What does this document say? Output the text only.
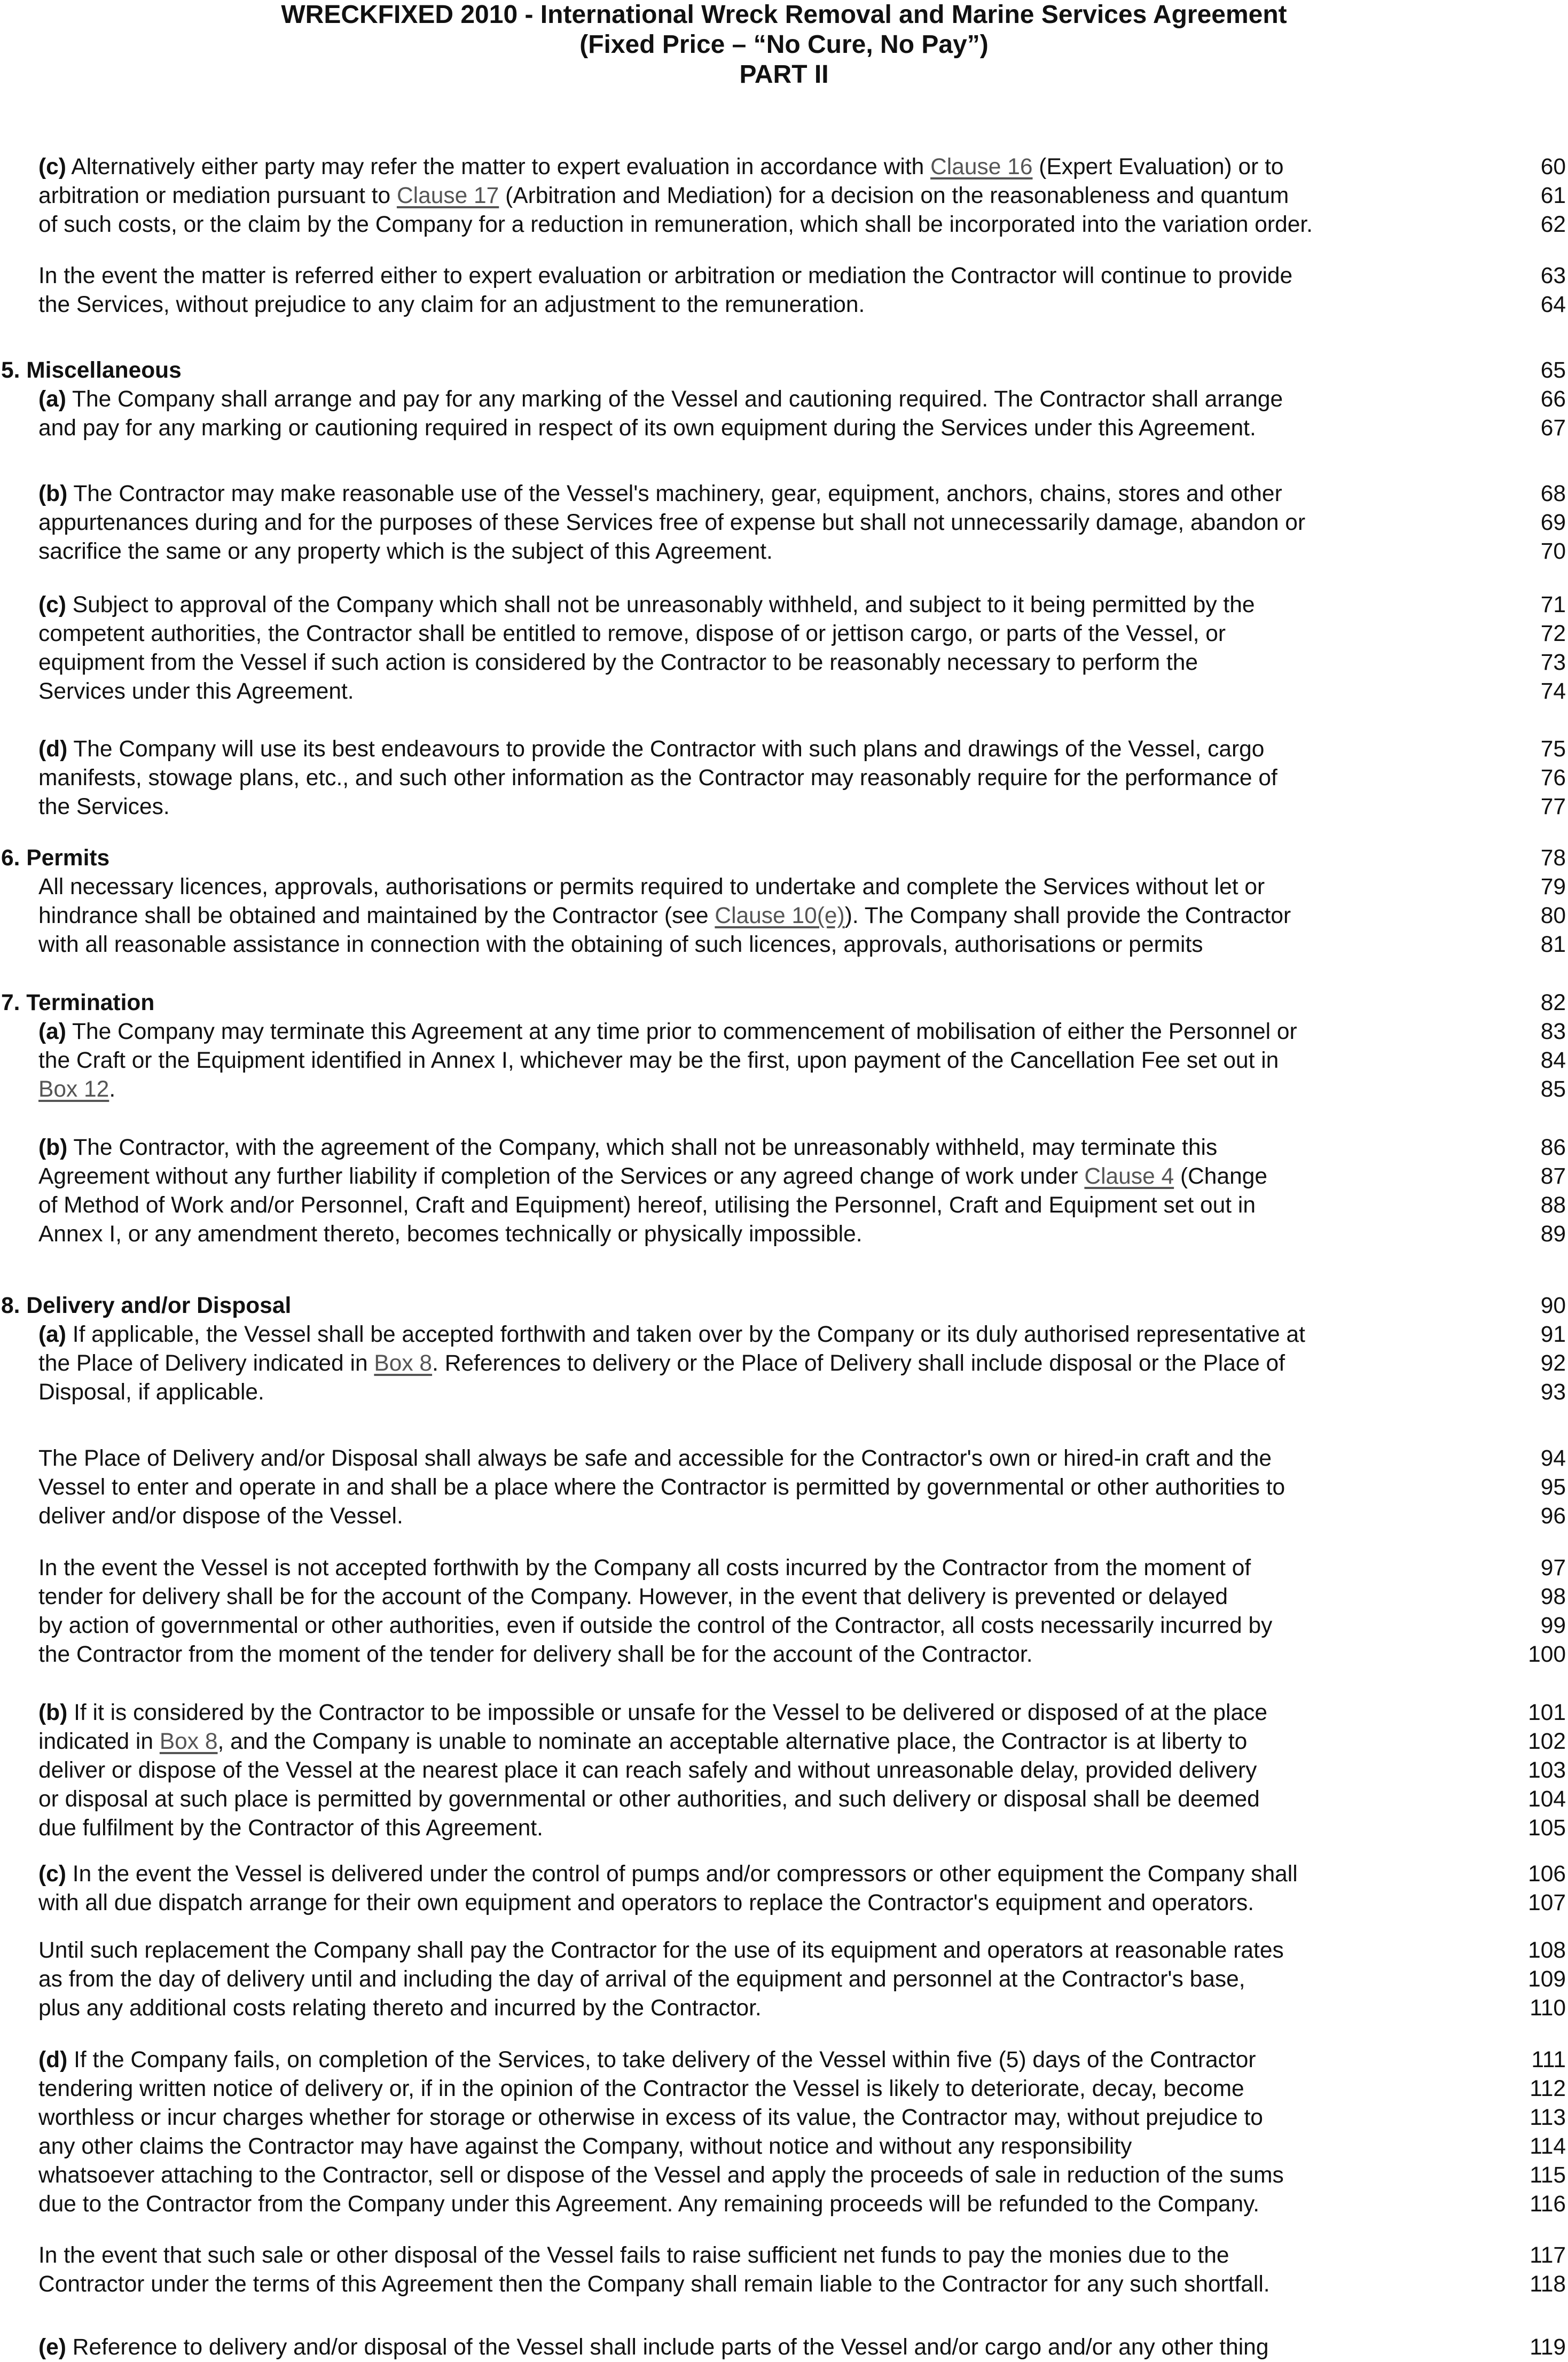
WRECKFIXED 2010 - International Wreck Removal and Marine Services Agreement
(Fixed Price – “No Cure, No Pay”)
PART II
(c) Alternatively either party may refer the matter to expert evaluation in accordance with Clause 16 (Expert Evaluation) or to	60
arbitration or mediation pursuant to Clause 17 (Arbitration and Mediation) for a decision on the reasonableness and quantum	61
of such costs, or the claim by the Company for a reduction in remuneration, which shall be incorporated into the variation order.	62
In the event the matter is referred either to expert evaluation or arbitration or mediation the Contractor will continue to provide	63
the Services, without prejudice to any claim for an adjustment to the remuneration.	64
5. Miscellaneous	65
(a) The Company shall arrange and pay for any marking of the Vessel and cautioning required. The Contractor shall arrange	66
and pay for any marking or cautioning required in respect of its own equipment during the Services under this Agreement.	67
(b) The Contractor may make reasonable use of the Vessel's machinery, gear, equipment, anchors, chains, stores and other	68
appurtenances during and for the purposes of these Services free of expense but shall not unnecessarily damage, abandon or	69
sacrifice the same or any property which is the subject of this Agreement.	70
(c) Subject to approval of the Company which shall not be unreasonably withheld, and subject to it being permitted by the	71
competent authorities, the Contractor shall be entitled to remove, dispose of or jettison cargo, or parts of the Vessel, or	72
equipment from the Vessel if such action is considered by the Contractor to be reasonably necessary to perform the	73
Services under this Agreement.	74
(d) The Company will use its best endeavours to provide the Contractor with such plans and drawings of the Vessel, cargo	75
manifests, stowage plans, etc., and such other information as the Contractor may reasonably require for the performance of	76
the Services.	77
6. Permits	78
All necessary licences, approvals, authorisations or permits required to undertake and complete the Services without let or	79
hindrance shall be obtained and maintained by the Contractor (see Clause 10(e)). The Company shall provide the Contractor	80
with all reasonable assistance in connection with the obtaining of such licences, approvals, authorisations or permits	81
7. Termination	82
(a) The Company may terminate this Agreement at any time prior to commencement of mobilisation of either the Personnel or	83
the Craft or the Equipment identified in Annex I, whichever may be the first, upon payment of the Cancellation Fee set out in	84
Box 12.	85
(b) The Contractor, with the agreement of the Company, which shall not be unreasonably withheld, may terminate this	86
Agreement without any further liability if completion of the Services or any agreed change of work under Clause 4 (Change	87
of Method of Work and/or Personnel, Craft and Equipment) hereof, utilising the Personnel, Craft and Equipment set out in	88
Annex I, or any amendment thereto, becomes technically or physically impossible.	89
8. Delivery and/or Disposal	90
(a) If applicable, the Vessel shall be accepted forthwith and taken over by the Company or its duly authorised representative at	91
the Place of Delivery indicated in Box 8. References to delivery or the Place of Delivery shall include disposal or the Place of	92
Disposal, if applicable.	93
The Place of Delivery and/or Disposal shall always be safe and accessible for the Contractor's own or hired-in craft and the	94
Vessel to enter and operate in and shall be a place where the Contractor is permitted by governmental or other authorities to	95
deliver and/or dispose of the Vessel.	96
In the event the Vessel is not accepted forthwith by the Company all costs incurred by the Contractor from the moment of	97
tender for delivery shall be for the account of the Company. However, in the event that delivery is prevented or delayed	98
by action of governmental or other authorities, even if outside the control of the Contractor, all costs necessarily incurred by	99
the Contractor from the moment of the tender for delivery shall be for the account of the Contractor.	100
(b) If it is considered by the Contractor to be impossible or unsafe for the Vessel to be delivered or disposed of at the place	101
indicated in Box 8, and the Company is unable to nominate an acceptable alternative place, the Contractor is at liberty to	102
deliver or dispose of the Vessel at the nearest place it can reach safely and without unreasonable delay, provided delivery	103
or disposal at such place is permitted by governmental or other authorities, and such delivery or disposal shall be deemed	104
due fulfilment by the Contractor of this Agreement.	105
(c) In the event the Vessel is delivered under the control of pumps and/or compressors or other equipment the Company shall	106
with all due dispatch arrange for their own equipment and operators to replace the Contractor's equipment and operators.	107
Until such replacement the Company shall pay the Contractor for the use of its equipment and operators at reasonable rates	108
as from the day of delivery until and including the day of arrival of the equipment and personnel at the Contractor's base,	109
plus any additional costs relating thereto and incurred by the Contractor.	110
(d) If the Company fails, on completion of the Services, to take delivery of the Vessel within five (5) days of the Contractor	111
tendering written notice of delivery or, if in the opinion of the Contractor the Vessel is likely to deteriorate, decay, become	112
worthless or incur charges whether for storage or otherwise in excess of its value, the Contractor may, without prejudice to	113
any other claims the Contractor may have against the Company, without notice and without any responsibility	114
whatsoever attaching to the Contractor, sell or dispose of the Vessel and apply the proceeds of sale in reduction of the sums	115
due to the Contractor from the Company under this Agreement. Any remaining proceeds will be refunded to the Company.	116
In the event that such sale or other disposal of the Vessel fails to raise sufficient net funds to pay the monies due to the	117
Contractor under the terms of this Agreement then the Company shall remain liable to the Contractor for any such shortfall.	118
(e) Reference to delivery and/or disposal of the Vessel shall include parts of the Vessel and/or cargo and/or any other thing	119
